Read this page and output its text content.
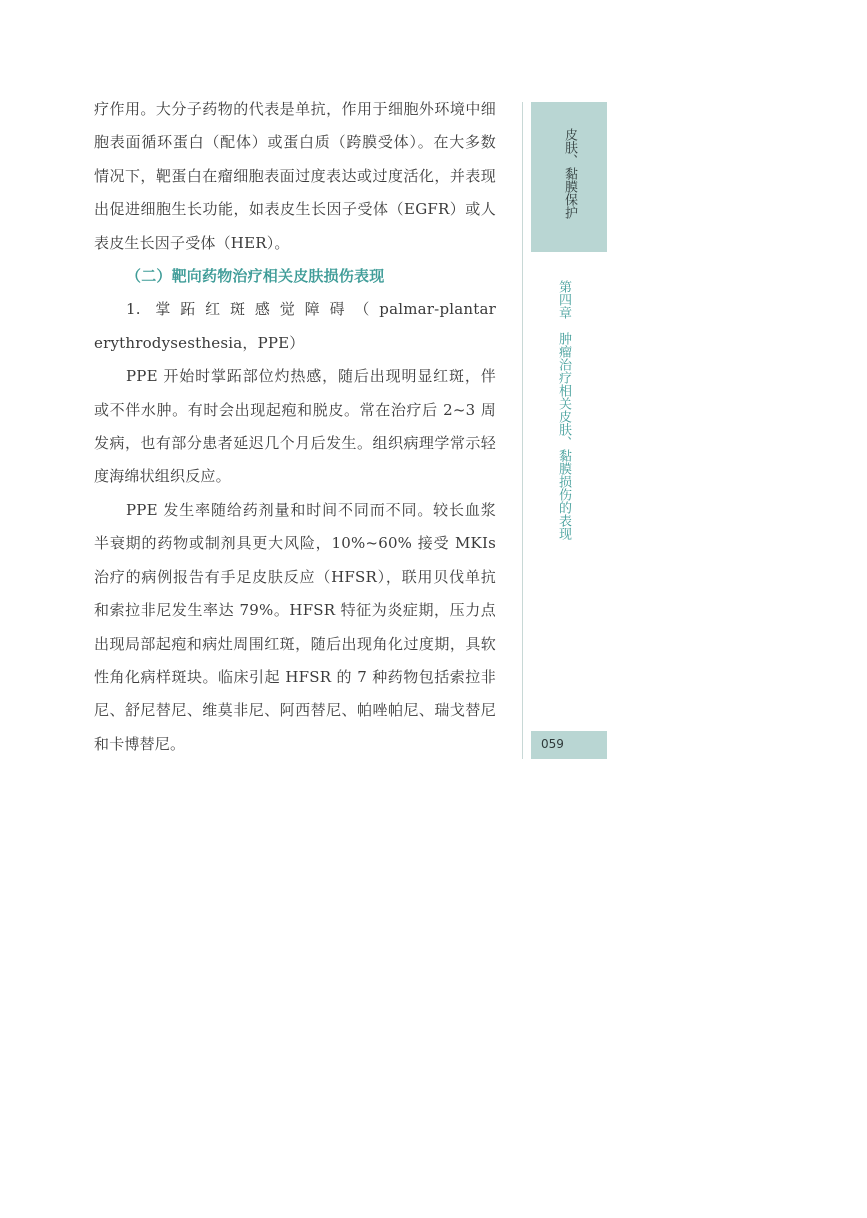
疗作用。大分子药物的代表是单抗，作用于细胞外环境中细胞表面循环蛋白（配体）或蛋白质（跨膜受体）。在大多数情况下，靶蛋白在瘤细胞表面过度表达或过度活化，并表现出促进细胞生长功能，如表皮生长因子受体（EGFR）或人表皮生长因子受体（HER）。

（二）靶向药物治疗相关皮肤损伤表现

1. 掌跖红斑感觉障碍（palmar-plantar erythrodysesthesia，PPE）

PPE 开始时掌跖部位灼热感，随后出现明显红斑，伴或不伴水肿。有时会出现起疱和脱皮。常在治疗后 2~3 周发病，也有部分患者延迟几个月后发生。组织病理学常示轻度海绵状组织反应。

PPE 发生率随给药剂量和时间不同而不同。较长血浆半衰期的药物或制剂具更大风险，10%~60% 接受 MKIs 治疗的病例报告有手足皮肤反应（HFSR），联用贝伐单抗和索拉非尼发生率达 79%。HFSR 特征为炎症期，压力点出现局部起疱和病灶周围红斑，随后出现角化过度期，具软性角化病样斑块。临床引起 HFSR 的 7 种药物包括索拉非尼、舒尼替尼、维莫非尼、阿西替尼、帕唑帕尼、瑞戈替尼和卡博替尼。

皮肤、黏膜保护
第四章　肿瘤治疗相关皮肤、黏膜损伤的表现
059
